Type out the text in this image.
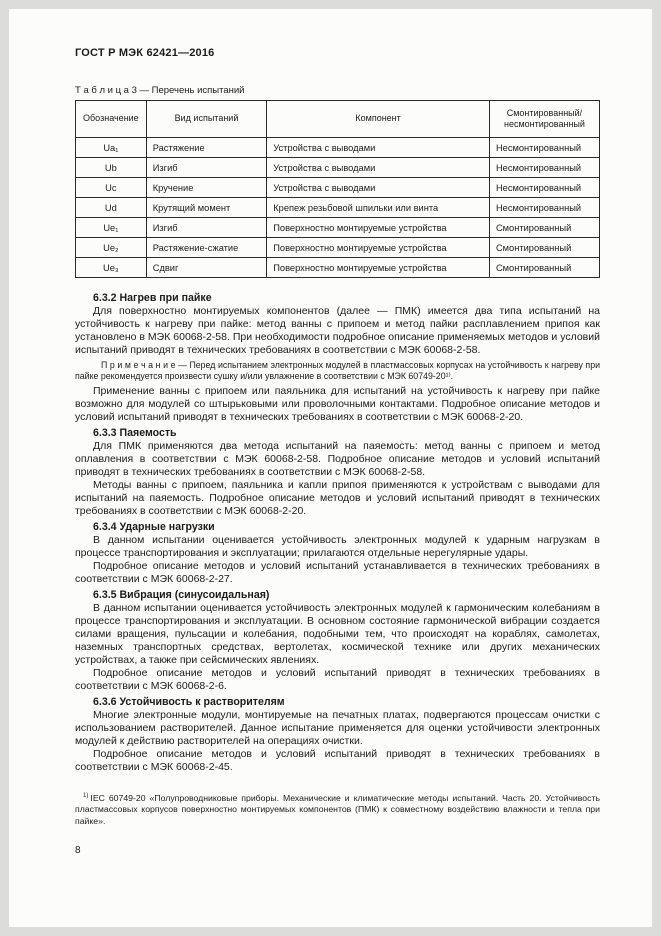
ГОСТ Р МЭК 62421—2016
Т а б л и ц а 3 — Перечень испытаний
Обозначение	Вид испытаний	Компонент	Смонтированный/ несмонтированный
Ua₁	Растяжение	Устройства с выводами	Несмонтированный
Ub	Изгиб	Устройства с выводами	Несмонтированный
Uc	Кручение	Устройства с выводами	Несмонтированный
Ud	Крутящий момент	Крепеж резьбовой шпильки или винта	Несмонтированный
Ue₁	Изгиб	Поверхностно монтируемые устройства	Смонтированный
Ue₂	Растяжение-сжатие	Поверхностно монтируемые устройства	Смонтированный
Ue₃	Сдвиг	Поверхностно монтируемые устройства	Смонтированный
6.3.2 Нагрев при пайке

Для поверхностно монтируемых компонентов (далее — ПМК) имеется два типа испытаний на устойчивость к нагреву при пайке: метод ванны с припоем и метод пайки расплавлением припоя как установлено в МЭК 60068-2-58. При необходимости подробное описание применяемых методов и условий испытаний приводят в технических требованиях в соответствии с МЭК 60068-2-58.

П р и м е ч а н и е — Перед испытанием электронных модулей в пластмассовых корпусах на устойчивость к нагреву при пайке рекомендуется произвести сушку и/или увлажнение в соответствии с МЭК 60749-20¹⁾.

Применение ванны с припоем или паяльника для испытаний на устойчивость к нагреву при пайке возможно для модулей со штырьковыми или проволочными контактами. Подробное описание методов и условий испытаний приводят в технических требованиях в соответствии с МЭК 60068-2-20.

6.3.3 Паяемость

Для ПМК применяются два метода испытаний на паяемость: метод ванны с припоем и метод оплавления в соответствии с МЭК 60068-2-58. Подробное описание методов и условий испытаний приводят в технических требованиях в соответствии с МЭК 60068-2-58.

Методы ванны с припоем, паяльника и капли припоя применяются к устройствам с выводами для испытаний на паяемость. Подробное описание методов и условий испытаний приводят в технических требованиях в соответствии с МЭК 60068-2-20.

6.3.4 Ударные нагрузки

В данном испытании оценивается устойчивость электронных модулей к ударным нагрузкам в процессе транспортирования и эксплуатации; прилагаются отдельные нерегулярные удары.

Подробное описание методов и условий испытаний устанавливается в технических требованиях в соответствии с МЭК 60068-2-27.

6.3.5 Вибрация (синусоидальная)

В данном испытании оценивается устойчивость электронных модулей к гармоническим колебаниям в процессе транспортирования и эксплуатации. В основном состояние гармонической вибрации создается силами вращения, пульсации и колебания, подобными тем, что происходят на кораблях, самолетах, наземных транспортных средствах, вертолетах, космической технике или других механических устройствах, а также при сейсмических явлениях.

Подробное описание методов и условий испытаний приводят в технических требованиях в соответствии с МЭК 60068-2-6.

6.3.6 Устойчивость к растворителям

Многие электронные модули, монтируемые на печатных платах, подвергаются процессам очистки с использованием растворителей. Данное испытание применяется для оценки устойчивости электронных модулей к действию растворителей на операциях очистки.

Подробное описание методов и условий испытаний приводят в технических требованиях в соответствии с МЭК 60068-2-45.

$^{1)}$ IEC 60749-20 «Полупроводниковые приборы. Механические и климатические методы испытаний. Часть 20. Устойчивость пластмассовых корпусов поверхностно монтируемых компонентов (ПМК) к совместному воздействию влажности и тепла при пайке».

8
